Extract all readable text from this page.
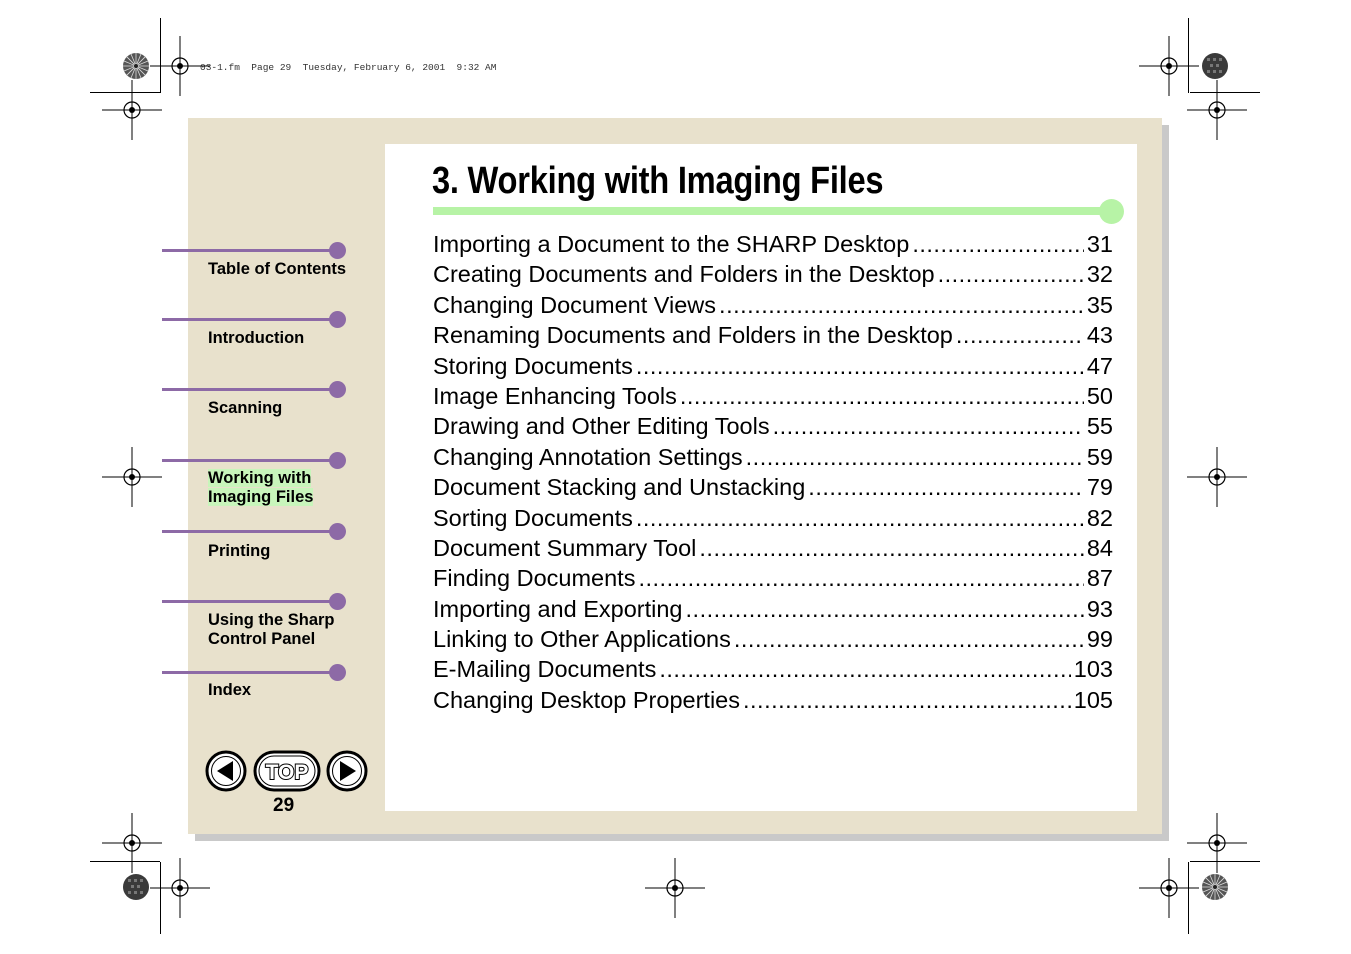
03-1.fm  Page 29  Tuesday, February 6, 2001  9:32 AM
3. Working with Imaging Files
Importing a Document to the SHARP Desktop .....	31
Creating Documents and Folders in the Desktop .....	32
Changing Document Views .....	35
Renaming Documents and Folders in the Desktop .....	43
Storing Documents .....	47
Image Enhancing Tools .....	50
Drawing and Other Editing Tools .....	55
Changing Annotation Settings .....	59
Document Stacking and Unstacking .....	79
Sorting Documents .....	82
Document Summary Tool .....	84
Finding Documents .....	87
Importing and Exporting .....	93
Linking to Other Applications .....	99
E-Mailing Documents .....	103
Changing Desktop Properties .....	105
Table of Contents
Introduction
Scanning
Working with
Imaging Files
Printing
Using the Sharp
Control Panel
Index
TOP
29
